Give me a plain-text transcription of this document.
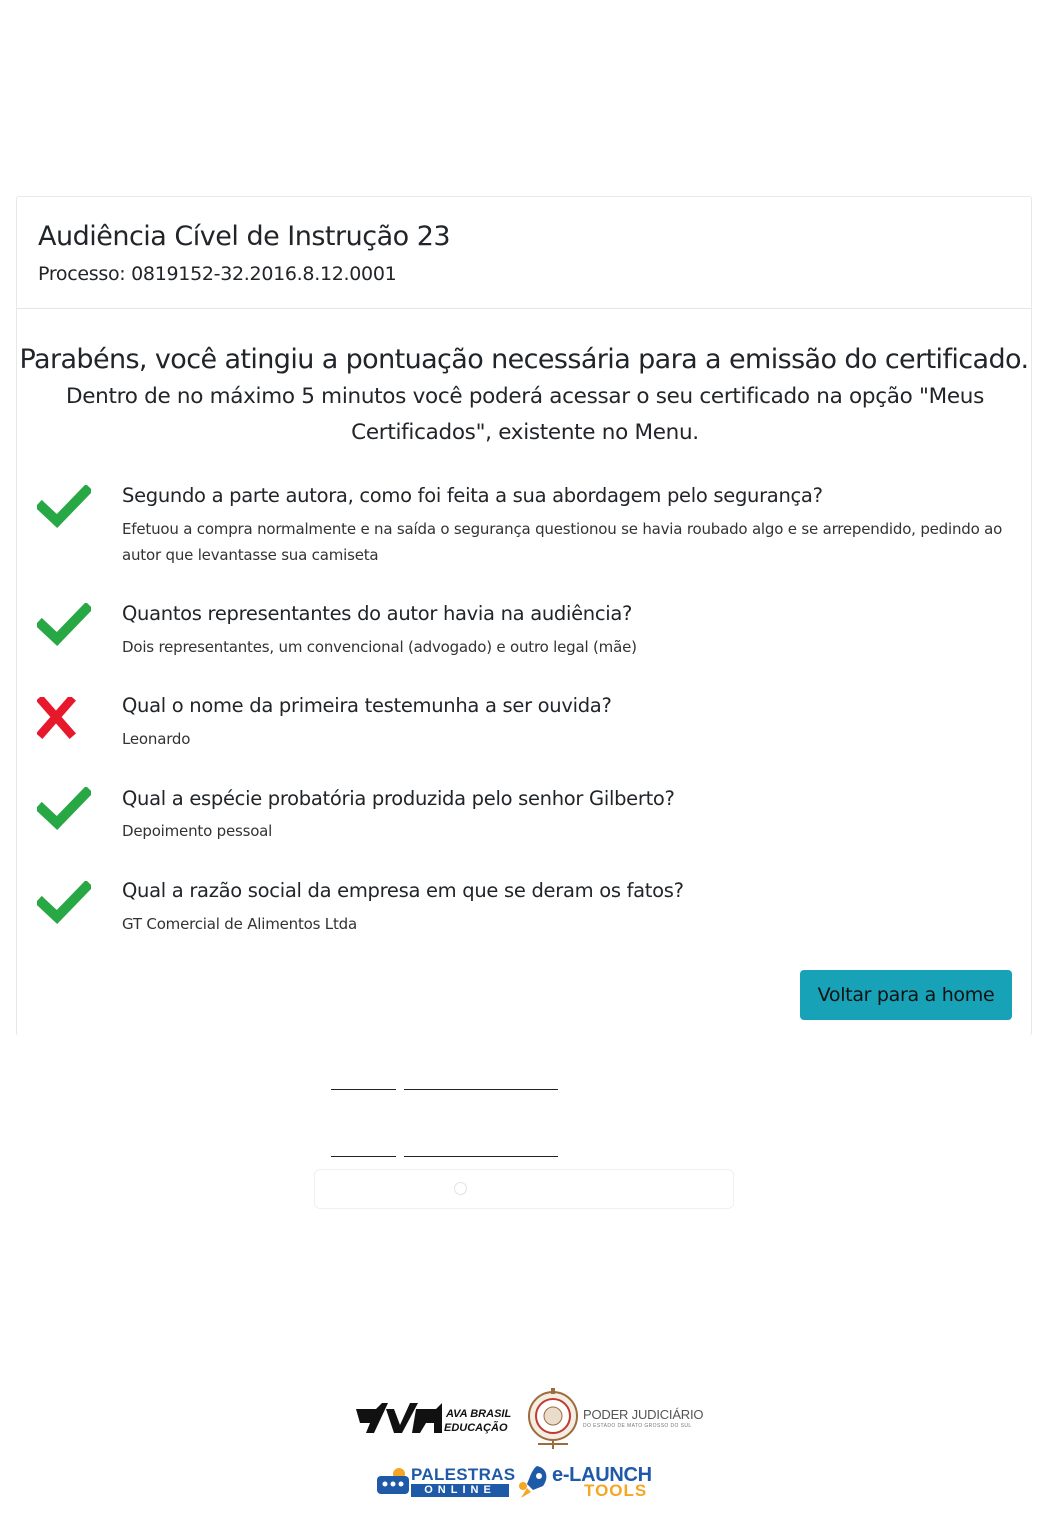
Audiência Cível de Instrução 23
Processo: 0819152-32.2016.8.12.0001
Parabéns, você atingiu a pontuação necessária para a emissão do certificado.
Dentro de no máximo 5 minutos você poderá acessar o seu certificado na opção "Meus Certificados", existente no Menu.
Segundo a parte autora, como foi feita a sua abordagem pelo segurança?
Efetuou a compra normalmente e na saída o segurança questionou se havia roubado algo e se arrependido, pedindo ao autor que levantasse sua camiseta
Quantos representantes do autor havia na audiência?
Dois representantes, um convencional (advogado) e outro legal (mãe)
Qual o nome da primeira testemunha a ser ouvida?
Leonardo
Qual a espécie probatória produzida pelo senhor Gilberto?
Depoimento pessoal
Qual a razão social da empresa em que se deram os fatos?
GT Comercial de Alimentos Ltda
Voltar para a home
AVA BRASIL
EDUCAÇÃO
PODER JUDICIÁRIO
DO ESTADO DE MATO GROSSO DO SUL
PALESTRAS
ONLINE
e-LAUNCH
TOOLS
